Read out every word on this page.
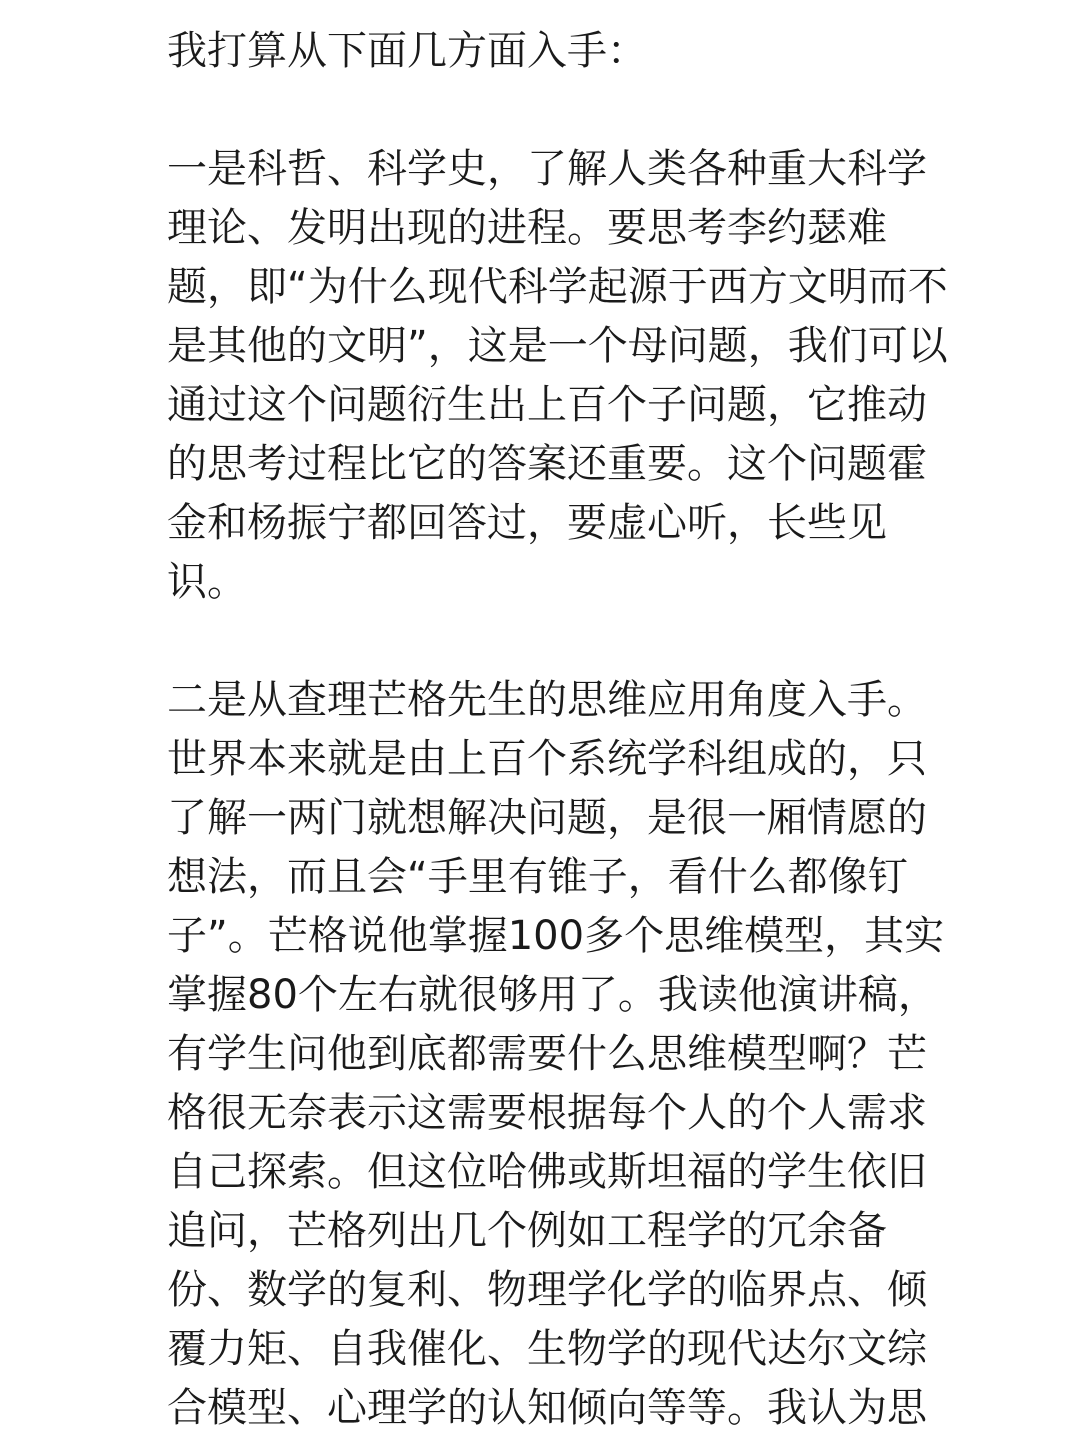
我打算从下面几方面入手：
一是科哲、科学史，了解人类各种重大科学
理论、发明出现的进程。要思考李约瑟难
题，即“为什么现代科学起源于西方文明而不
是其他的文明”，这是一个母问题，我们可以
通过这个问题衍生出上百个子问题，它推动
的思考过程比它的答案还重要。这个问题霍
金和杨振宁都回答过，要虚心听，长些见
识。
二是从查理芒格先生的思维应用角度入手。
世界本来就是由上百个系统学科组成的，只
了解一两门就想解决问题，是很一厢情愿的
想法，而且会“手里有锥子，看什么都像钉
子”。芒格说他掌握100多个思维模型，其实
掌握80个左右就很够用了。我读他演讲稿，
有学生问他到底都需要什么思维模型啊？芒
格很无奈表示这需要根据每个人的个人需求
自己探索。但这位哈佛或斯坦福的学生依旧
追问，芒格列出几个例如工程学的冗余备
份、数学的复利、物理学化学的临界点、倾
覆力矩、自我催化、生物学的现代达尔文综
合模型、心理学的认知倾向等等。我认为思
